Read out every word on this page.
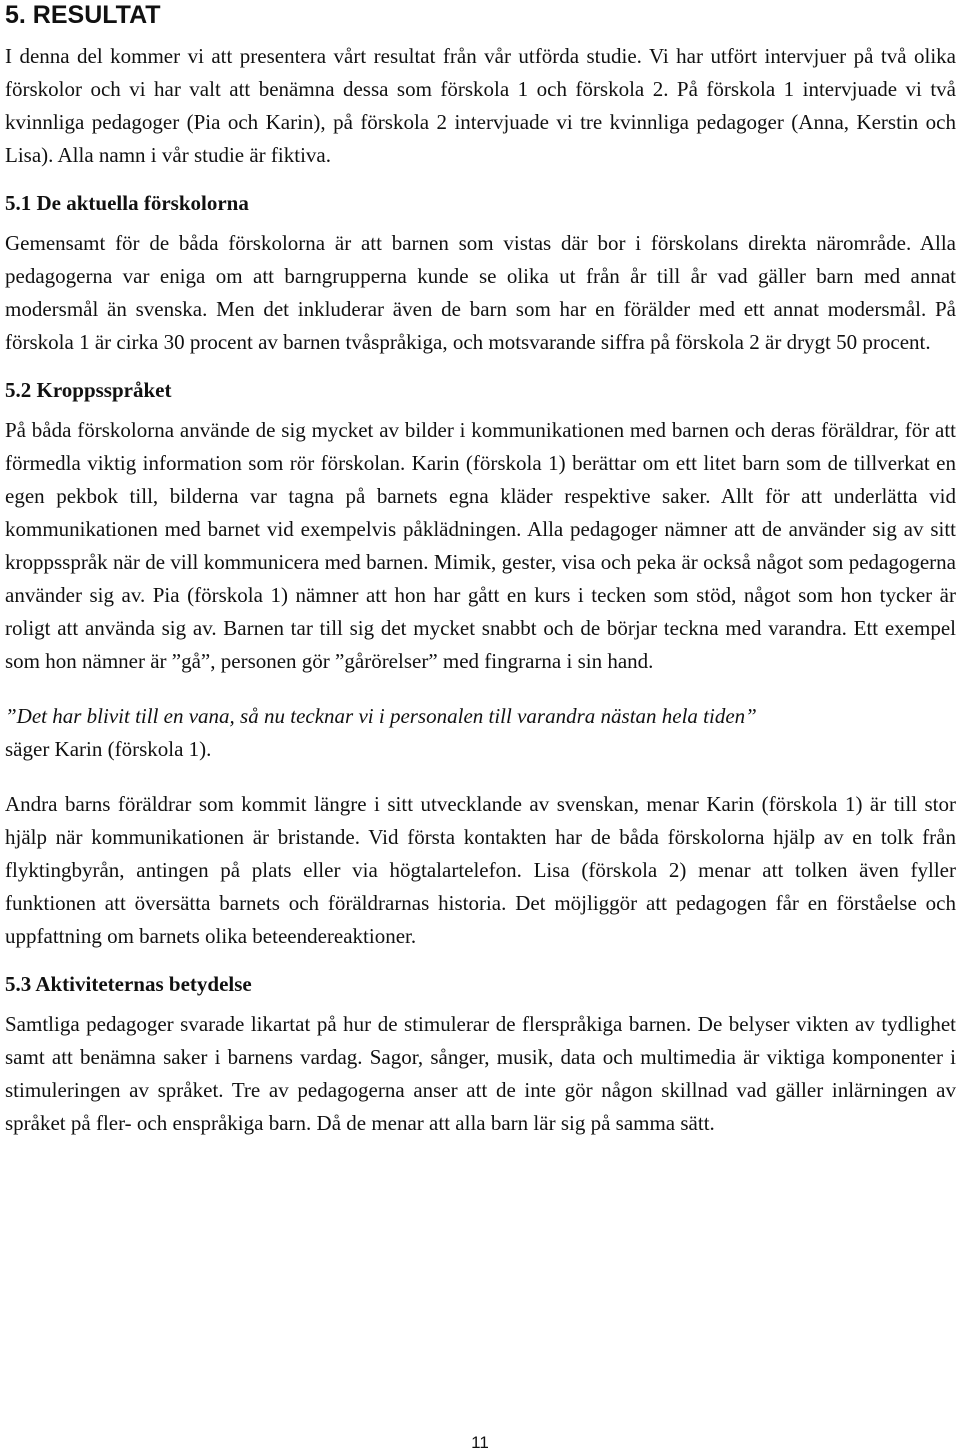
5. RESULTAT

I denna del kommer vi att presentera vårt resultat från vår utförda studie. Vi har utfört intervjuer på två olika förskolor och vi har valt att benämna dessa som förskola 1 och förskola 2. På förskola 1 intervjuade vi två kvinnliga pedagoger (Pia och Karin), på förskola 2 intervjuade vi tre kvinnliga pedagoger (Anna, Kerstin och Lisa). Alla namn i vår studie är fiktiva.

5.1 De aktuella förskolorna

Gemensamt för de båda förskolorna är att barnen som vistas där bor i förskolans direkta närområde. Alla pedagogerna var eniga om att barngrupperna kunde se olika ut från år till år vad gäller barn med annat modersmål än svenska. Men det inkluderar även de barn som har en förälder med ett annat modersmål. På förskola 1 är cirka 30 procent av barnen tvåspråkiga, och motsvarande siffra på förskola 2 är drygt 50 procent.

5.2 Kroppsspråket

På båda förskolorna använde de sig mycket av bilder i kommunikationen med barnen och deras föräldrar, för att förmedla viktig information som rör förskolan. Karin (förskola 1) berättar om ett litet barn som de tillverkat en egen pekbok till, bilderna var tagna på barnets egna kläder respektive saker. Allt för att underlätta vid kommunikationen med barnet vid exempelvis påklädningen. Alla pedagoger nämner att de använder sig av sitt kroppsspråk när de vill kommunicera med barnen. Mimik, gester, visa och peka är också något som pedagogerna använder sig av. Pia (förskola 1) nämner att hon har gått en kurs i tecken som stöd, något som hon tycker är roligt att använda sig av. Barnen tar till sig det mycket snabbt och de börjar teckna med varandra. Ett exempel som hon nämner är ”gå”, personen gör ”gårörelser” med fingrarna i sin hand.

”Det har blivit till en vana, så nu tecknar vi i personalen till varandra nästan hela tiden”

säger Karin (förskola 1).

Andra barns föräldrar som kommit längre i sitt utvecklande av svenskan, menar Karin (förskola 1) är till stor hjälp när kommunikationen är bristande. Vid första kontakten har de båda förskolorna hjälp av en tolk från flyktingbyrån, antingen på plats eller via högtalartelefon. Lisa (förskola 2) menar att tolken även fyller funktionen att översätta barnets och föräldrarnas historia. Det möjliggör att pedagogen får en förståelse och uppfattning om barnets olika beteendereaktioner.

5.3 Aktiviteternas betydelse

Samtliga pedagoger svarade likartat på hur de stimulerar de flerspråkiga barnen. De belyser vikten av tydlighet samt att benämna saker i barnens vardag. Sagor, sånger, musik, data och multimedia är viktiga komponenter i stimuleringen av språket. Tre av pedagogerna anser att de inte gör någon skillnad vad gäller inlärningen av språket på fler- och enspråkiga barn. Då de menar att alla barn lär sig på samma sätt.

11
